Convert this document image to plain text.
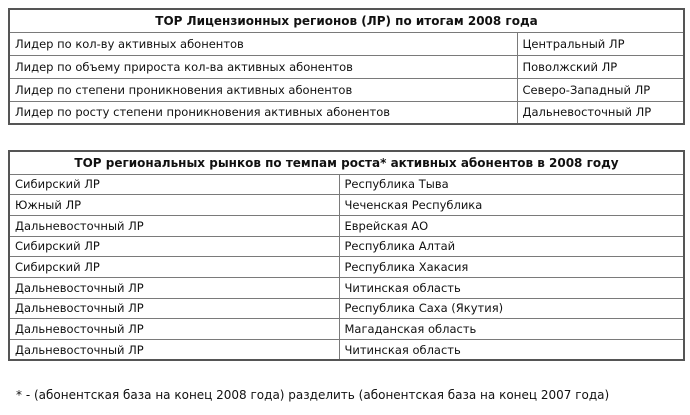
TOP Лицензионных регионов (ЛР) по итогам 2008 года	
Лидер по кол-ву активных абонентов	Центральный ЛР
Лидер по объему прироста кол-ва активных абонентов	Поволжский ЛР
Лидер по степени проникновения активных абонентов	Северо-Западный ЛР
Лидер по росту степени проникновения активных абонентов	Дальневосточный ЛР
TOP региональных рынков по темпам роста* активных абонентов в 2008 году	
Сибирский ЛР	Республика Тыва
Южный ЛР	Чеченская Республика
Дальневосточный ЛР	Еврейская АО
Сибирский ЛР	Республика Алтай
Сибирский ЛР	Республика Хакасия
Дальневосточный ЛР	Читинская область
Дальневосточный ЛР	Республика Саха (Якутия)
Дальневосточный ЛР	Магаданская область
Дальневосточный ЛР	Читинская область
* - (абонентская база на конец 2008 года) разделить (абонентская база на конец 2007 года)
